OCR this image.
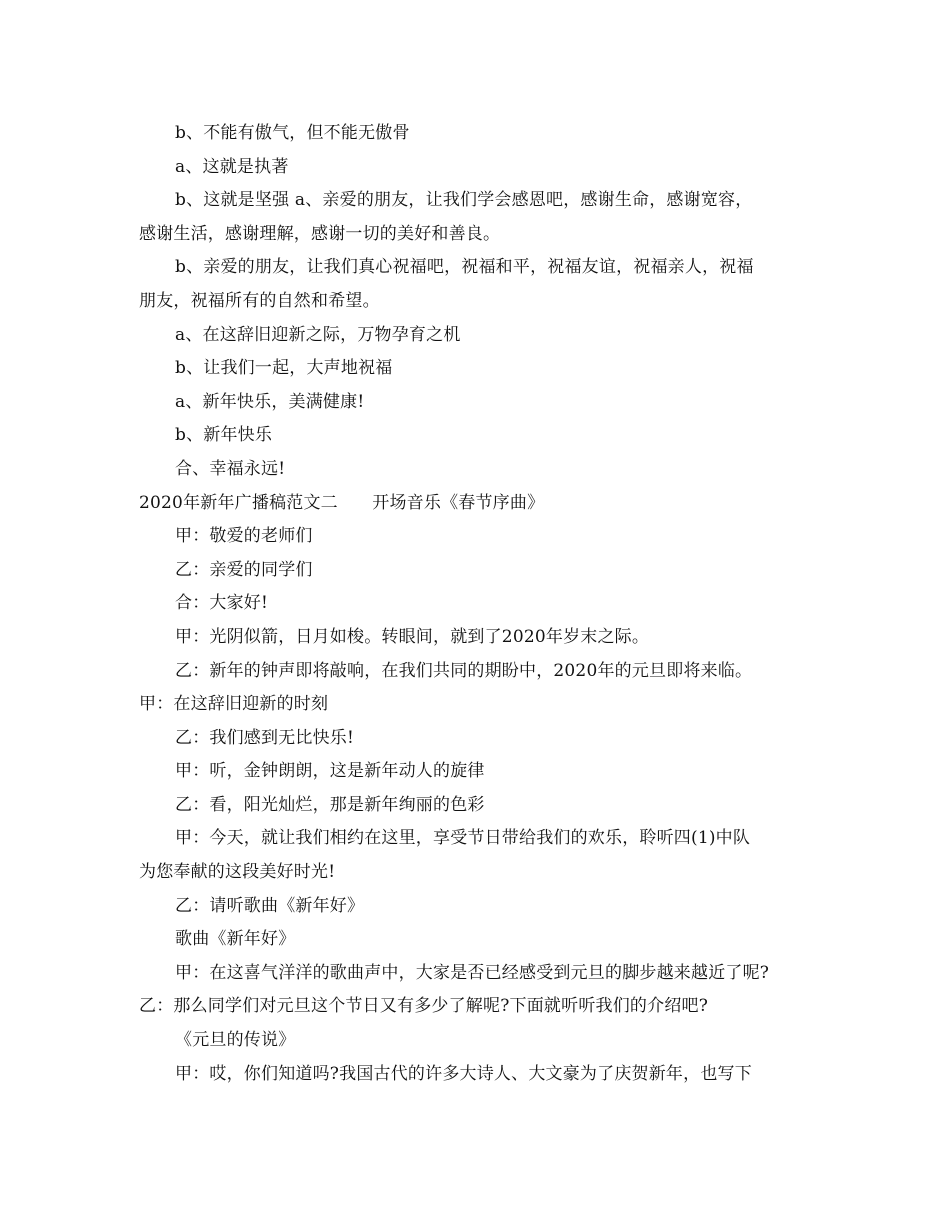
b、不能有傲气，但不能无傲骨
a、这就是执著
b、这就是坚强 a、亲爱的朋友，让我们学会感恩吧，感谢生命，感谢宽容，
感谢生活，感谢理解，感谢一切的美好和善良。
b、亲爱的朋友，让我们真心祝福吧，祝福和平，祝福友谊，祝福亲人，祝福
朋友，祝福所有的自然和希望。
a、在这辞旧迎新之际，万物孕育之机
b、让我们一起，大声地祝福
a、新年快乐，美满健康!
b、新年快乐
合、幸福永远!
2020年新年广播稿范文二　　开场音乐《春节序曲》
甲：敬爱的老师们
乙：亲爱的同学们
合：大家好!
甲：光阴似箭，日月如梭。转眼间，就到了2020年岁末之际。
乙：新年的钟声即将敲响，在我们共同的期盼中，2020年的元旦即将来临。
甲：在这辞旧迎新的时刻
乙：我们感到无比快乐!
甲：听，金钟朗朗，这是新年动人的旋律
乙：看，阳光灿烂，那是新年绚丽的色彩
甲：今天，就让我们相约在这里，享受节日带给我们的欢乐，聆听四(1)中队
为您奉献的这段美好时光!
乙：请听歌曲《新年好》
歌曲《新年好》
甲：在这喜气洋洋的歌曲声中，大家是否已经感受到元旦的脚步越来越近了呢?
乙：那么同学们对元旦这个节日又有多少了解呢?下面就听听我们的介绍吧?
《元旦的传说》
甲：哎，你们知道吗?我国古代的许多大诗人、大文豪为了庆贺新年，也写下
